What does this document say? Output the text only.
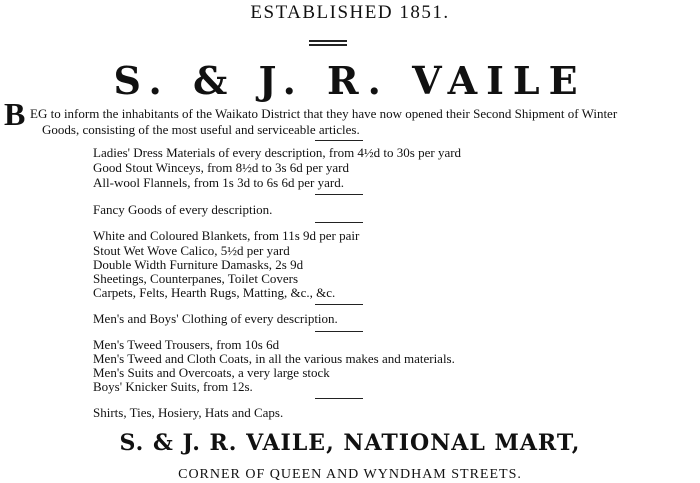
ESTABLISHED 1851.
S. & J. R. VAILE
B EG to inform the inhabitants of the Waikato District that they have now opened their Second Shipment of Winter
Goods, consisting of the most useful and serviceable articles.
Ladies' Dress Materials of every description, from 4½d to 30s per yard
Good Stout Winceys, from 8½d to 3s 6d per yard
All-wool Flannels, from 1s 3d to 6s 6d per yard.
Fancy Goods of every description.
White and Coloured Blankets, from 11s 9d per pair
Stout Wet Wove Calico, 5½d per yard
Double Width Furniture Damasks, 2s 9d
Sheetings, Counterpanes, Toilet Covers
Carpets, Felts, Hearth Rugs, Matting, &c., &c.
Men's and Boys' Clothing of every description.
Men's Tweed Trousers, from 10s 6d
Men's Tweed and Cloth Coats, in all the various makes and materials.
Men's Suits and Overcoats, a very large stock
Boys' Knicker Suits, from 12s.
Shirts, Ties, Hosiery, Hats and Caps.
S. & J. R. VAILE, NATIONAL MART,
CORNER OF QUEEN AND WYNDHAM STREETS.
